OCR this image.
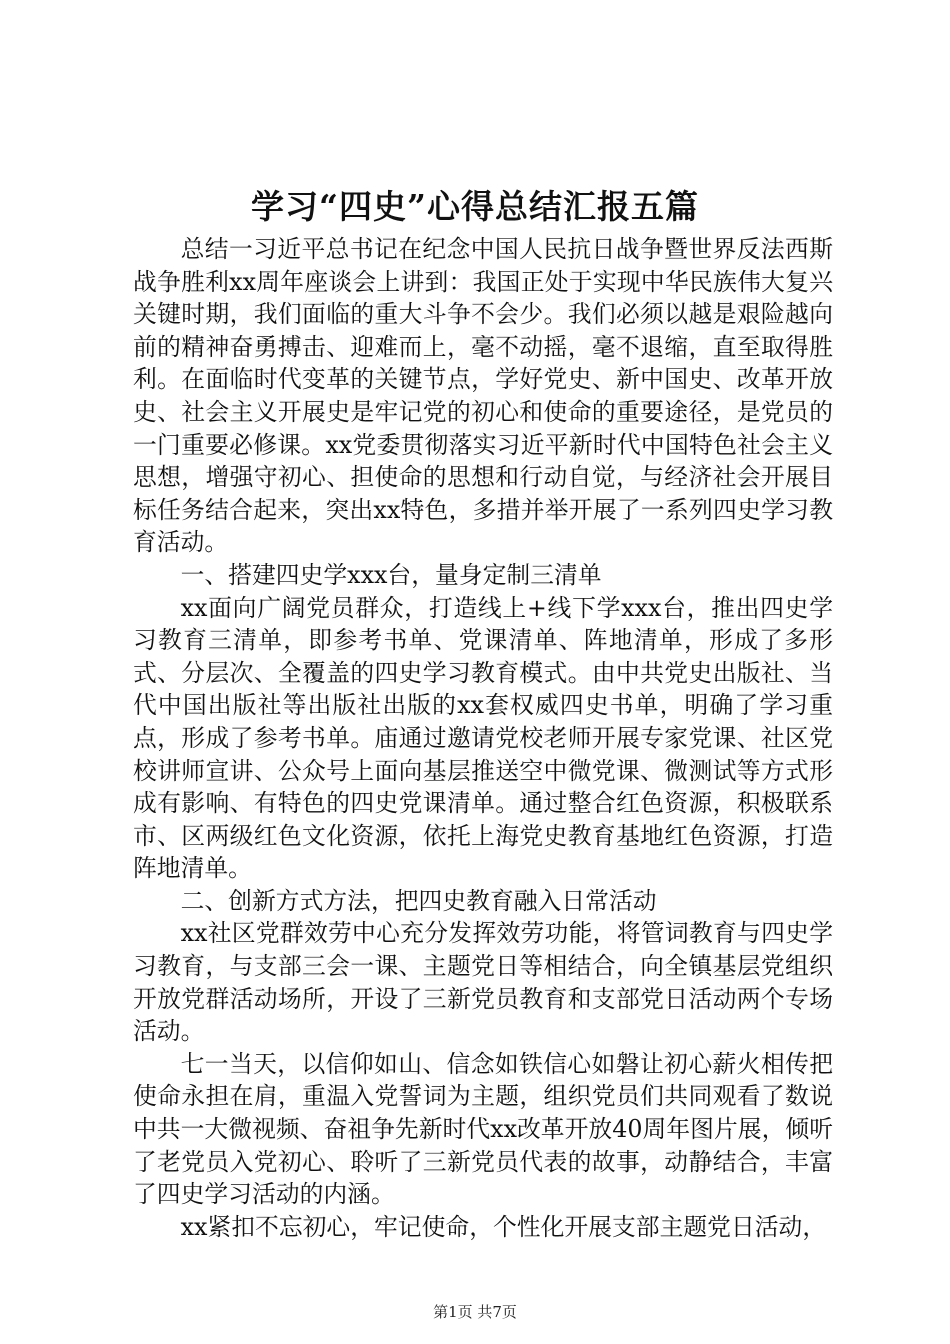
学习“四史”心得总结汇报五篇

总结一习近平总书记在纪念中国人民抗日战争暨世界反法西斯战争胜利xx周年座谈会上讲到：我国正处于实现中华民族伟大复兴关键时期，我们面临的重大斗争不会少。我们必须以越是艰险越向前的精神奋勇搏击、迎难而上，毫不动摇，毫不退缩，直至取得胜利。在面临时代变革的关键节点，学好党史、新中国史、改革开放史、社会主义开展史是牢记党的初心和使命的重要途径，是党员的一门重要必修课。xx党委贯彻落实习近平新时代中国特色社会主义思想，增强守初心、担使命的思想和行动自觉，与经济社会开展目标任务结合起来，突出xx特色，多措并举开展了一系列四史学习教育活动。

一、搭建四史学xxx台，量身定制三清单

xx面向广阔党员群众，打造线上+线下学xxx台，推出四史学习教育三清单，即参考书单、党课清单、阵地清单，形成了多形式、分层次、全覆盖的四史学习教育模式。由中共党史出版社、当代中国出版社等出版社出版的xx套权威四史书单，明确了学习重点，形成了参考书单。庙通过邀请党校老师开展专家党课、社区党校讲师宣讲、公众号上面向基层推送空中微党课、微测试等方式形成有影响、有特色的四史党课清单。通过整合红色资源，积极联系市、区两级红色文化资源，依托上海党史教育基地红色资源，打造阵地清单。

二、创新方式方法，把四史教育融入日常活动

xx社区党群效劳中心充分发挥效劳功能，将管词教育与四史学习教育，与支部三会一课、主题党日等相结合，向全镇基层党组织开放党群活动场所，开设了三新党员教育和支部党日活动两个专场活动。

七一当天，以信仰如山、信念如铁信心如磐让初心薪火相传把使命永担在肩，重温入党誓词为主题，组织党员们共同观看了数说中共一大微视频、奋祖争先新时代xx改革开放40周年图片展，倾听了老党员入党初心、聆听了三新党员代表的故事，动静结合，丰富了四史学习活动的内涵。

xx紧扣不忘初心，牢记使命，个性化开展支部主题党日活动，

第1页 共7页
